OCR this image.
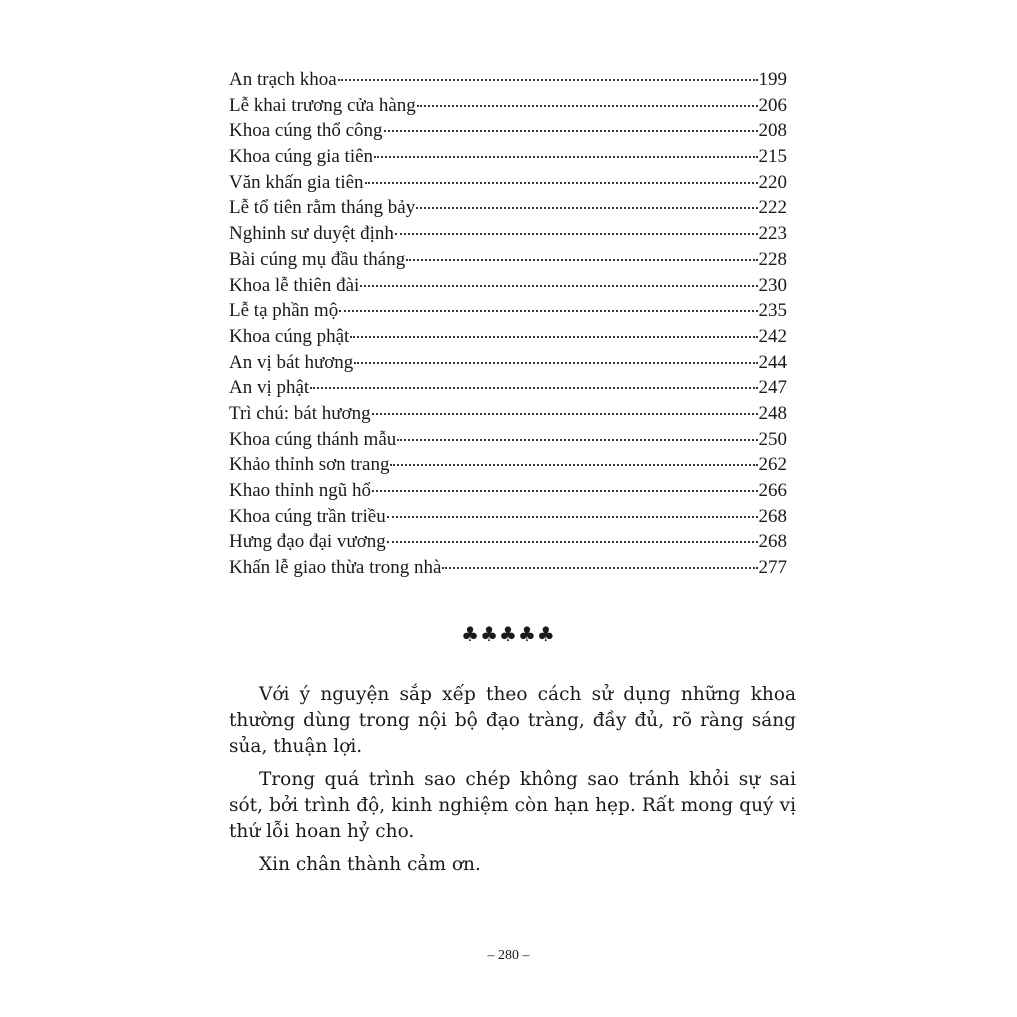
An trạch khoa	199
Lễ khai trương cửa hàng	206
Khoa cúng thổ công	208
Khoa cúng gia tiên	215
Văn khấn gia tiên	220
Lễ tổ tiên rằm tháng bảy	222
Nghinh sư duyệt định	223
Bài cúng mụ đầu tháng	228
Khoa lễ thiên đài	230
Lễ tạ phần mộ	235
Khoa cúng phật	242
An vị bát hương	244
An vị phật	247
Trì chú: bát hương	248
Khoa cúng thánh mẫu	250
Khảo thỉnh sơn trang	262
Khao thỉnh ngũ hổ	266
Khoa cúng trần triều	268
Hưng đạo đại vương	268
Khấn lễ giao thừa trong nhà	277
♣♣♣♣♣

Với ý nguyện sắp xếp theo cách sử dụng những khoa thường dùng trong nội bộ đạo tràng, đầy đủ, rõ ràng sáng sủa, thuận lợi.

Trong quá trình sao chép không sao tránh khỏi sự sai sót, bởi trình độ, kinh nghiệm còn hạn hẹp. Rất mong quý vị thứ lỗi hoan hỷ cho.

Xin chân thành cảm ơn.

– 280 –
